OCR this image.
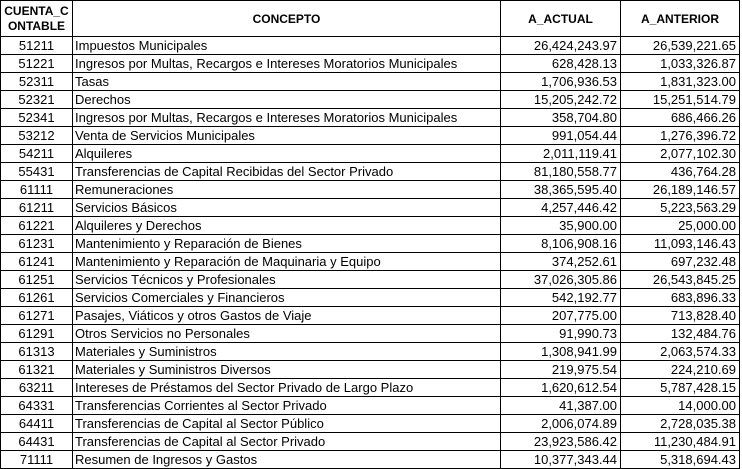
CUENTA_CONTABLE	CONCEPTO	A_ACTUAL	A_ANTERIOR
51211	Impuestos Municipales	26,424,243.97	26,539,221.65
51221	Ingresos por Multas, Recargos e Intereses Moratorios Municipales	628,428.13	1,033,326.87
52311	Tasas	1,706,936.53	1,831,323.00
52321	Derechos	15,205,242.72	15,251,514.79
52341	Ingresos por Multas, Recargos e Intereses Moratorios Municipales	358,704.80	686,466.26
53212	Venta de Servicios Municipales	991,054.44	1,276,396.72
54211	Alquileres	2,011,119.41	2,077,102.30
55431	Transferencias de Capital Recibidas del Sector Privado	81,180,558.77	436,764.28
61111	Remuneraciones	38,365,595.40	26,189,146.57
61211	Servicios Básicos	4,257,446.42	5,223,563.29
61221	Alquileres y Derechos	35,900.00	25,000.00
61231	Mantenimiento y Reparación de Bienes	8,106,908.16	11,093,146.43
61241	Mantenimiento y Reparación de Maquinaria y Equipo	374,252.61	697,232.48
61251	Servicios Técnicos y Profesionales	37,026,305.86	26,543,845.25
61261	Servicios Comerciales y Financieros	542,192.77	683,896.33
61271	Pasajes, Viáticos y otros Gastos de Viaje	207,775.00	713,828.40
61291	Otros Servicios no Personales	91,990.73	132,484.76
61313	Materiales y Suministros	1,308,941.99	2,063,574.33
61321	Materiales y Suministros Diversos	219,975.54	224,210.69
63211	Intereses de Préstamos del Sector Privado de Largo Plazo	1,620,612.54	5,787,428.15
64331	Transferencias Corrientes al Sector Privado	41,387.00	14,000.00
64411	Transferencias de Capital al Sector Público	2,006,074.89	2,728,035.38
64431	Transferencias de Capital al Sector Privado	23,923,586.42	11,230,484.91
71111	Resumen de Ingresos y Gastos	10,377,343.44	5,318,694.43
